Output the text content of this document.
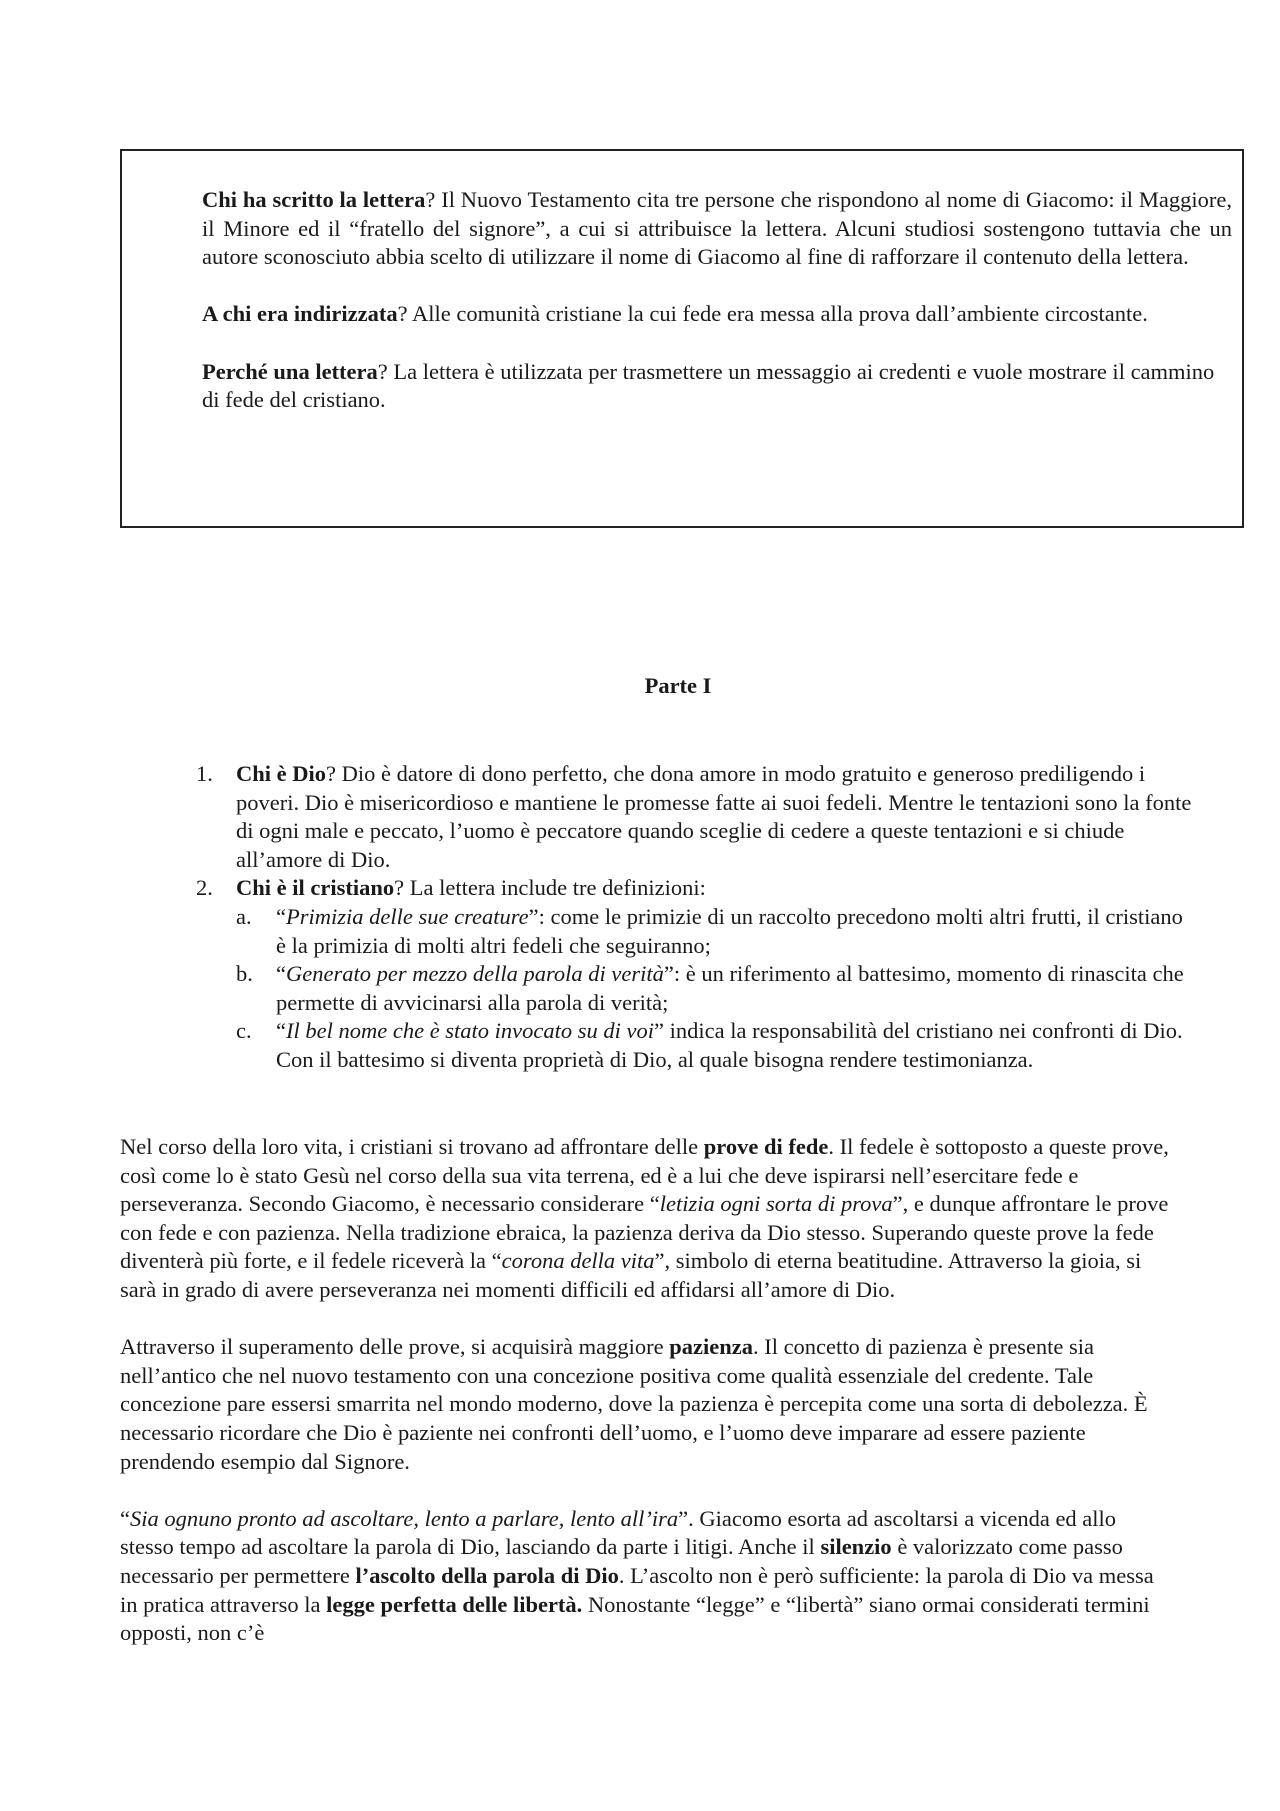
Chi ha scritto la lettera? Il Nuovo Testamento cita tre persone che rispondono al nome di Giacomo: il Maggiore, il Minore ed il “fratello del signore”, a cui si attribuisce la lettera. Alcuni studiosi sostengono tuttavia che un autore sconosciuto abbia scelto di utilizzare il nome di Giacomo al fine di rafforzare il contenuto della lettera.

A chi era indirizzata? Alle comunità cristiane la cui fede era messa alla prova dall’ambiente circostante.

Perché una lettera? La lettera è utilizzata per trasmettere un messaggio ai credenti e vuole mostrare il cammino di fede del cristiano.

Parte I
1. Chi è Dio? Dio è datore di dono perfetto, che dona amore in modo gratuito e generoso prediligendo i poveri. Dio è misericordioso e mantiene le promesse fatte ai suoi fedeli. Mentre le tentazioni sono la fonte di ogni male e peccato, l’uomo è peccatore quando sceglie di cedere a queste tentazioni e si chiude all’amore di Dio.
2. Chi è il cristiano? La lettera include tre definizioni:
a. “Primizia delle sue creature”: come le primizie di un raccolto precedono molti altri frutti, il cristiano è la primizia di molti altri fedeli che seguiranno;
b. “Generato per mezzo della parola di verità”: è un riferimento al battesimo, momento di rinascita che permette di avvicinarsi alla parola di verità;
c. “Il bel nome che è stato invocato su di voi” indica la responsabilità del cristiano nei confronti di Dio. Con il battesimo si diventa proprietà di Dio, al quale bisogna rendere testimonianza.

Nel corso della loro vita, i cristiani si trovano ad affrontare delle prove di fede. Il fedele è sottoposto a queste prove, così come lo è stato Gesù nel corso della sua vita terrena, ed è a lui che deve ispirarsi nell’esercitare fede e perseveranza. Secondo Giacomo, è necessario considerare “letizia ogni sorta di prova”, e dunque affrontare le prove con fede e con pazienza. Nella tradizione ebraica, la pazienza deriva da Dio stesso. Superando queste prove la fede diventerà più forte, e il fedele riceverà la “corona della vita”, simbolo di eterna beatitudine. Attraverso la gioia, si sarà in grado di avere perseveranza nei momenti difficili ed affidarsi all’amore di Dio.

Attraverso il superamento delle prove, si acquisirà maggiore pazienza. Il concetto di pazienza è presente sia nell’antico che nel nuovo testamento con una concezione positiva come qualità essenziale del credente. Tale concezione pare essersi smarrita nel mondo moderno, dove la pazienza è percepita come una sorta di debolezza. È necessario ricordare che Dio è paziente nei confronti dell’uomo, e l’uomo deve imparare ad essere paziente prendendo esempio dal Signore.

“Sia ognuno pronto ad ascoltare, lento a parlare, lento all’ira”. Giacomo esorta ad ascoltarsi a vicenda ed allo stesso tempo ad ascoltare la parola di Dio, lasciando da parte i litigi. Anche il silenzio è valorizzato come passo necessario per permettere l’ascolto della parola di Dio. L’ascolto non è però sufficiente: la parola di Dio va messa in pratica attraverso la legge perfetta delle libertà. Nonostante “legge” e “libertà” siano ormai considerati termini opposti, non c’è
